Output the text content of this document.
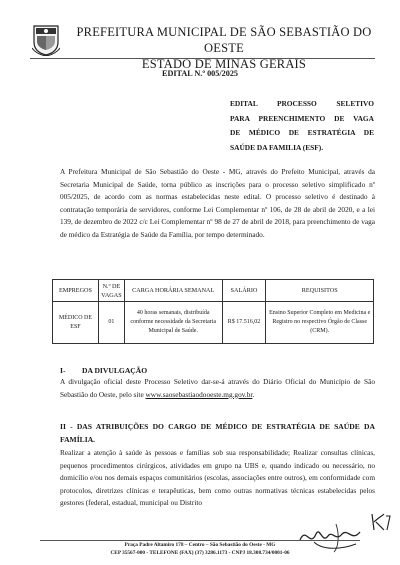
PREFEITURA MUNICIPAL DE SÃO SEBASTIÃO DO OESTE
ESTADO DE MINAS GERAIS
EDITAL N.º 005/2025
EDITAL PROCESSO SELETIVO
PARA PREENCHIMENTO DE VAGA
DE MÉDICO DE ESTRATÉGIA DE
SAÚDE DA FAMILIA (ESF).

A Prefeitura Municipal de São Sebastião do Oeste - MG, através do Prefeito Municipal, através da Secretaria Municipal de Saúde, torna público as inscrições para o processo seletivo simplificado nº 005/2025, de acordo com as normas estabelecidas neste edital. O processo seletivo é destinado à contratação temporária de servidores, conforme Lei Complementar nº 106, de 28 de abril de 2020, e a lei 139, de dezembro de 2022 c/c Lei Complementar nº 98 de 27 de abril de 2018, para preenchimento de vaga de médico da Estratégia de Saúde da Família, por tempo determinado.

EMPREGOS	N.º DE VAGAS	CARGA HORÁRIA SEMANAL	SALÁRIO	REQUISITOS
MÉDICO DE ESF	01	40 horas semanais, distribuída conforme necessidade da Secretaria Municipal de Saúde.	R$ 17.516,02	Ensino Superior Completo em Medicina e Registro no respectivo Órgão de Classe (CRM).
I- DA DIVULGAÇÃO

A divulgação oficial deste Processo Seletivo dar-se-á através do Diário Oficial do Município de São Sebastião do Oeste, pelo site www.saosebastiaodooeste.mg.gov.br.

II - DAS ATRIBUIÇÕES DO CARGO DE MÉDICO DE ESTRATÉGIA DE SAÚDE DA FAMÍLIA.

Realizar a atenção à saúde às pessoas e famílias sob sua responsabilidade; Realizar consultas clínicas, pequenos procedimentos cirúrgicos, atividades em grupo na UBS e, quando indicado ou necessário, no domicílio e/ou nos demais espaços comunitários (escolas, associações entre outros), em conformidade com protocolos, diretrizes clínicas e terapêuticas, bem como outras normativas técnicas estabelecidas pelos gestores (federal, estadual, municipal ou Distrito

Praça Padre Altamiro 178 – Centro – São Sebastião do Oeste - MG
CEP 35567-000 - TELEFONE (FAX) (37) 3286.1173 - CNPJ 18.308.734/0001-06
